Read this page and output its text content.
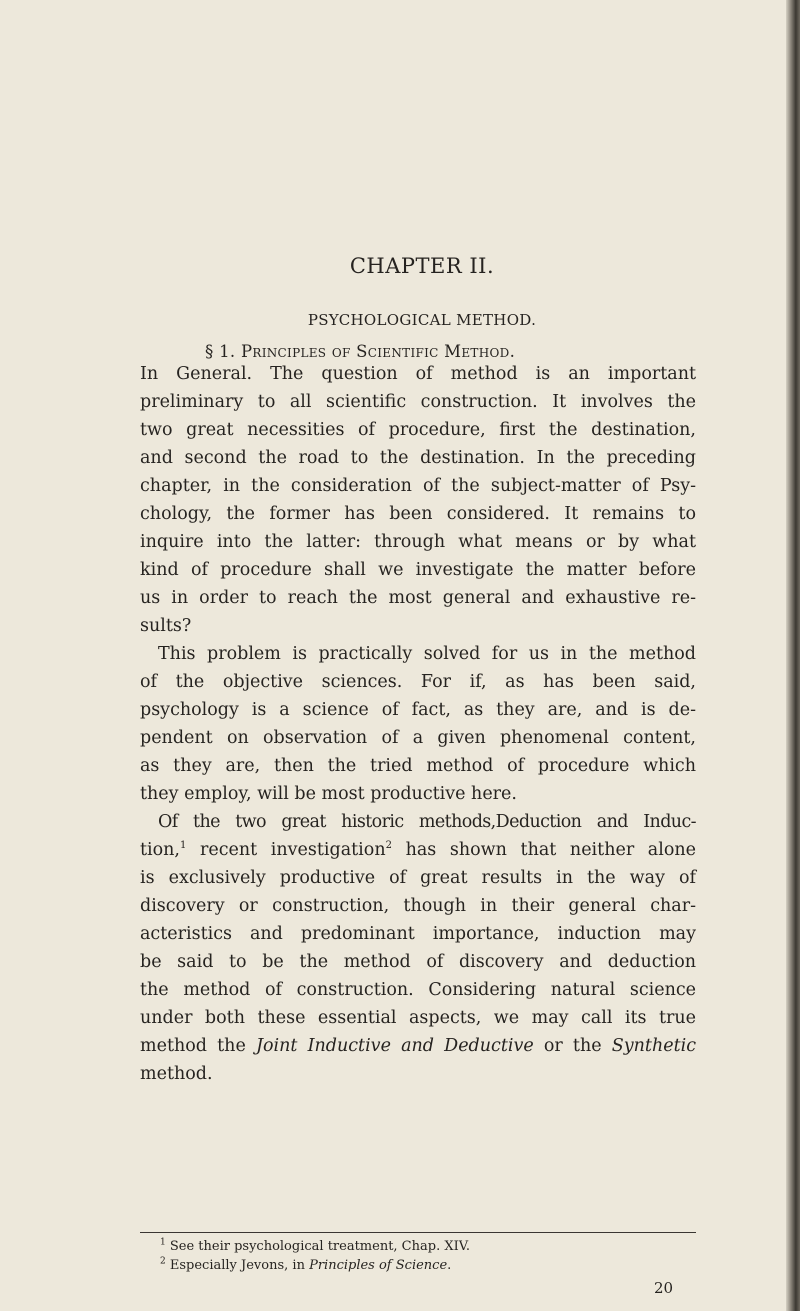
CHAPTER II.
PSYCHOLOGICAL METHOD.
§ 1. Principles of Scientific Method.
In General. The question of method is an important
preliminary to all scientific construction. It involves the
two great necessities of procedure, first the destination,
and second the road to the destination. In the preceding
chapter, in the consideration of the subject-matter of Psy-
chology, the former has been considered. It remains to
inquire into the latter: through what means or by what
kind of procedure shall we investigate the matter before
us in order to reach the most general and exhaustive re-
sults?
This problem is practically solved for us in the method
of the objective sciences. For if, as has been said,
psychology is a science of fact, as they are, and is de-
pendent on observation of a given phenomenal content,
as they are, then the tried method of procedure which
they employ, will be most productive here.
Of the two great historic methods,Deduction and Induc-
tion,$^1$ recent investigation$^2$ has shown that neither alone
is exclusively productive of great results in the way of
discovery or construction, though in their general char-
acteristics and predominant importance, induction may
be said to be the method of discovery and deduction
the method of construction. Considering natural science
under both these essential aspects, we may call its true
method the Joint Inductive and Deductive or the Synthetic
method.
$^1$ See their psychological treatment, Chap. XIV.
$^2$ Especially Jevons, in Principles of Science.
20
